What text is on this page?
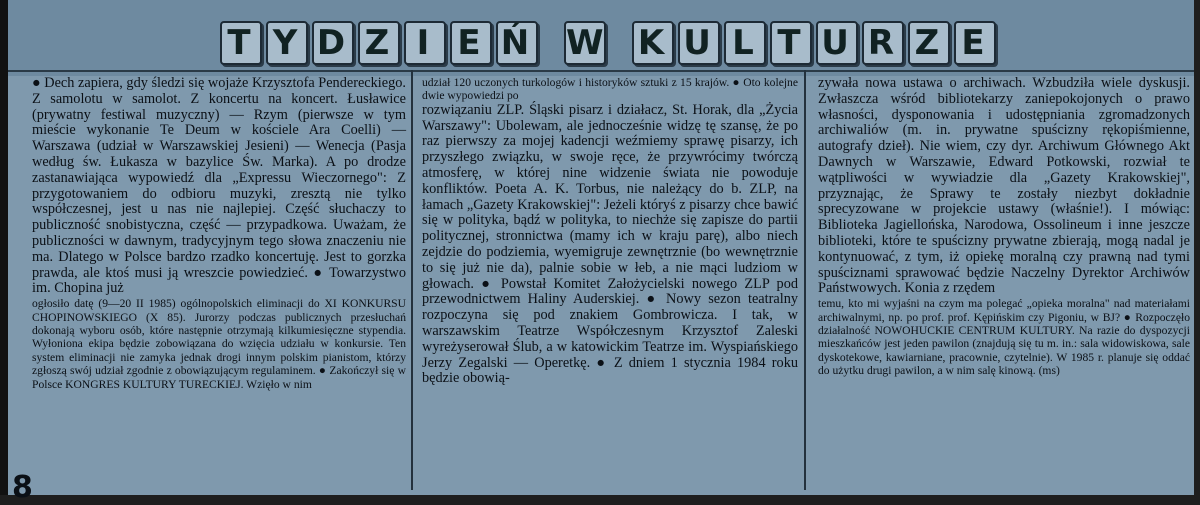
T Y D Z I E Ń W K U L T U R Z E

● Dech zapiera, gdy śledzi się wojaże Krzysztofa Pendereckiego. Z samolotu w samolot. Z koncertu na koncert. Łusławice (prywatny festiwal muzyczny) — Rzym (pierwsze w tym mieście wykonanie Te Deum w kościele Ara Coelli) — Warszawa (udział w Warszawskiej Jesieni) — Wenecja (Pasja według św. Łukasza w bazylice Św. Marka). A po drodze zastanawiająca wypowiedź dla „Expressu Wieczornego": Z przygotowaniem do odbioru muzyki, zresztą nie tylko współczesnej, jest u nas nie najlepiej. Część słuchaczy to publiczność snobistyczna, część — przypadkowa. Uważam, że publiczności w dawnym, tradycyjnym tego słowa znaczeniu nie ma. Dlatego w Polsce bardzo rzadko koncertuję. Jest to gorzka prawda, ale ktoś musi ją wreszcie powiedzieć. ● Towarzystwo im. Chopina już

ogłosiło datę (9—20 II 1985) ogólnopolskich eliminacji do XI KONKURSU CHOPINOWSKIEGO (X 85). Jurorzy podczas publicznych przesłuchań dokonają wyboru osób, które następnie otrzymają kilkumiesięczne stypendia. Wyłoniona ekipa będzie zobowiązana do wzięcia udziału w konkursie. Ten system eliminacji nie zamyka jednak drogi innym polskim pianistom, którzy zgłoszą swój udział zgodnie z obowiązującym regulaminem. ● Zakończył się w Polsce KONGRES KULTURY TURECKIEJ. Wzięło w nim

udział 120 uczonych turkologów i historyków sztuki z 15 krajów. ● Oto kolejne dwie wypowiedzi po

rozwiązaniu ZLP. Śląski pisarz i działacz, St. Horak, dla „Życia Warszawy": Ubolewam, ale jednocześnie widzę tę szansę, że po raz pierwszy za mojej kadencji weźmiemy sprawę pisarzy, ich przyszłego związku, w swoje ręce, że przywrócimy twórczą atmosferę, w której nine widzenie świata nie powoduje konfliktów. Poeta A. K. Torbus, nie należący do b. ZLP, na łamach „Gazety Krakowskiej": Jeżeli któryś z pisarzy chce bawić się w polityka, bądź w polityka, to niechże się zapisze do partii politycznej, stronnictwa (mamy ich w kraju parę), albo niech zejdzie do podziemia, wyemigruje zewnętrznie (bo wewnętrznie to się już nie da), palnie sobie w łeb, a nie mąci ludziom w głowach. ● Powstał Komitet Założycielski nowego ZLP pod przewodnictwem Haliny Auderskiej. ● Nowy sezon teatralny rozpoczyna się pod znakiem Gombrowicza. I tak, w warszawskim Teatrze Współczesnym Krzysztof Zaleski wyreżyserował Ślub, a w katowickim Teatrze im. Wyspiańskiego Jerzy Zegalski — Operetkę. ● Z dniem 1 stycznia 1984 roku będzie obowią-

zywała nowa ustawa o archiwach. Wzbudziła wiele dyskusji. Zwłaszcza wśród bibliotekarzy zaniepokojonych o prawo własności, dysponowania i udostępniania zgromadzonych archiwaliów (m. in. prywatne spuścizny rękopiśmienne, autografy dzieł). Nie wiem, czy dyr. Archiwum Głównego Akt Dawnych w Warszawie, Edward Potkowski, rozwiał te wątpliwości w wywiadzie dla „Gazety Krakowskiej", przyznając, że Sprawy te zostały niezbyt dokładnie sprecyzowane w projekcie ustawy (właśnie!). I mówiąc: Biblioteka Jagiellońska, Narodowa, Ossolineum i inne jeszcze biblioteki, które te spuścizny prywatne zbierają, mogą nadal je kontynuować, z tym, iż opiekę moralną czy prawną nad tymi spuściznami sprawować będzie Naczelny Dyrektor Archiwów Państwowych. Konia z rzędem

temu, kto mi wyjaśni na czym ma polegać „opieka moralna" nad materiałami archiwalnymi, np. po prof. prof. Kępińskim czy Pigoniu, w BJ? ● Rozpoczęło działalność NOWOHUCKIE CENTRUM KULTURY. Na razie do dyspozycji mieszkańców jest jeden pawilon (znajdują się tu m. in.: sala widowiskowa, sale dyskotekowe, kawiarniane, pracownie, czytelnie). W 1985 r. planuje się oddać do użytku drugi pawilon, a w nim salę kinową. (ms)

8
